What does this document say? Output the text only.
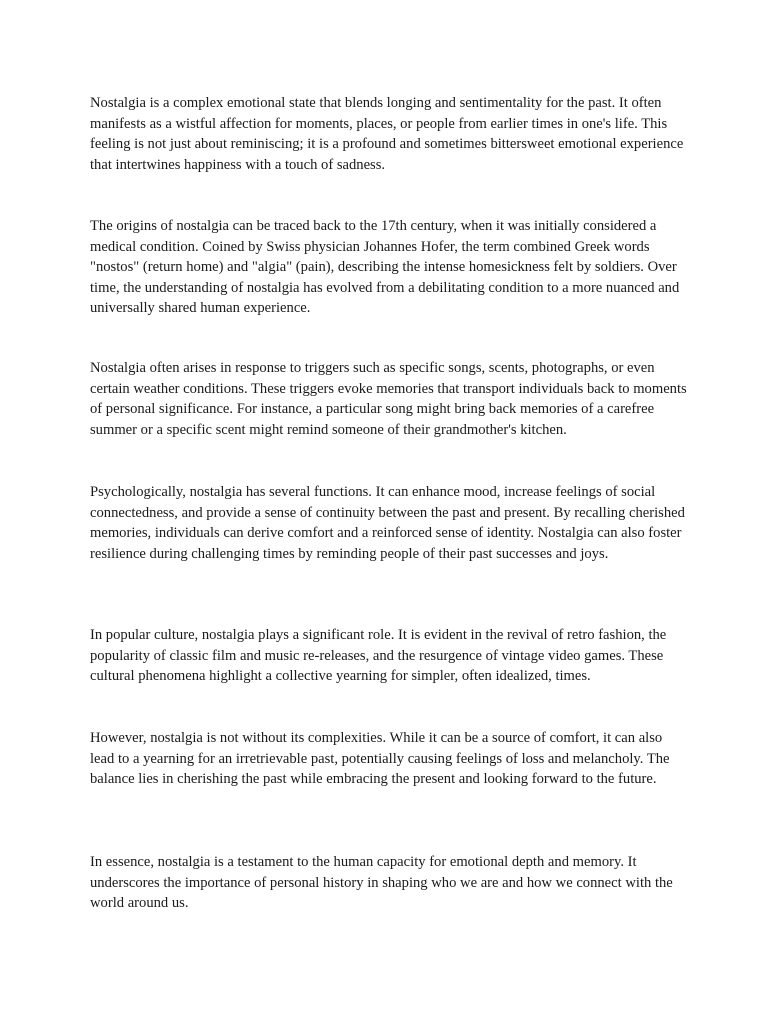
Nostalgia is a complex emotional state that blends longing and sentimentality for the past. It often manifests as a wistful affection for moments, places, or people from earlier times in one's life. This feeling is not just about reminiscing; it is a profound and sometimes bittersweet emotional experience that intertwines happiness with a touch of sadness.

The origins of nostalgia can be traced back to the 17th century, when it was initially considered a medical condition. Coined by Swiss physician Johannes Hofer, the term combined Greek words "nostos" (return home) and "algia" (pain), describing the intense homesickness felt by soldiers. Over time, the understanding of nostalgia has evolved from a debilitating condition to a more nuanced and universally shared human experience.

Nostalgia often arises in response to triggers such as specific songs, scents, photographs, or even certain weather conditions. These triggers evoke memories that transport individuals back to moments of personal significance. For instance, a particular song might bring back memories of a carefree summer or a specific scent might remind someone of their grandmother's kitchen.

Psychologically, nostalgia has several functions. It can enhance mood, increase feelings of social connectedness, and provide a sense of continuity between the past and present. By recalling cherished memories, individuals can derive comfort and a reinforced sense of identity. Nostalgia can also foster resilience during challenging times by reminding people of their past successes and joys.

In popular culture, nostalgia plays a significant role. It is evident in the revival of retro fashion, the popularity of classic film and music re-releases, and the resurgence of vintage video games. These cultural phenomena highlight a collective yearning for simpler, often idealized, times.

However, nostalgia is not without its complexities. While it can be a source of comfort, it can also lead to a yearning for an irretrievable past, potentially causing feelings of loss and melancholy. The balance lies in cherishing the past while embracing the present and looking forward to the future.

In essence, nostalgia is a testament to the human capacity for emotional depth and memory. It underscores the importance of personal history in shaping who we are and how we connect with the world around us.
